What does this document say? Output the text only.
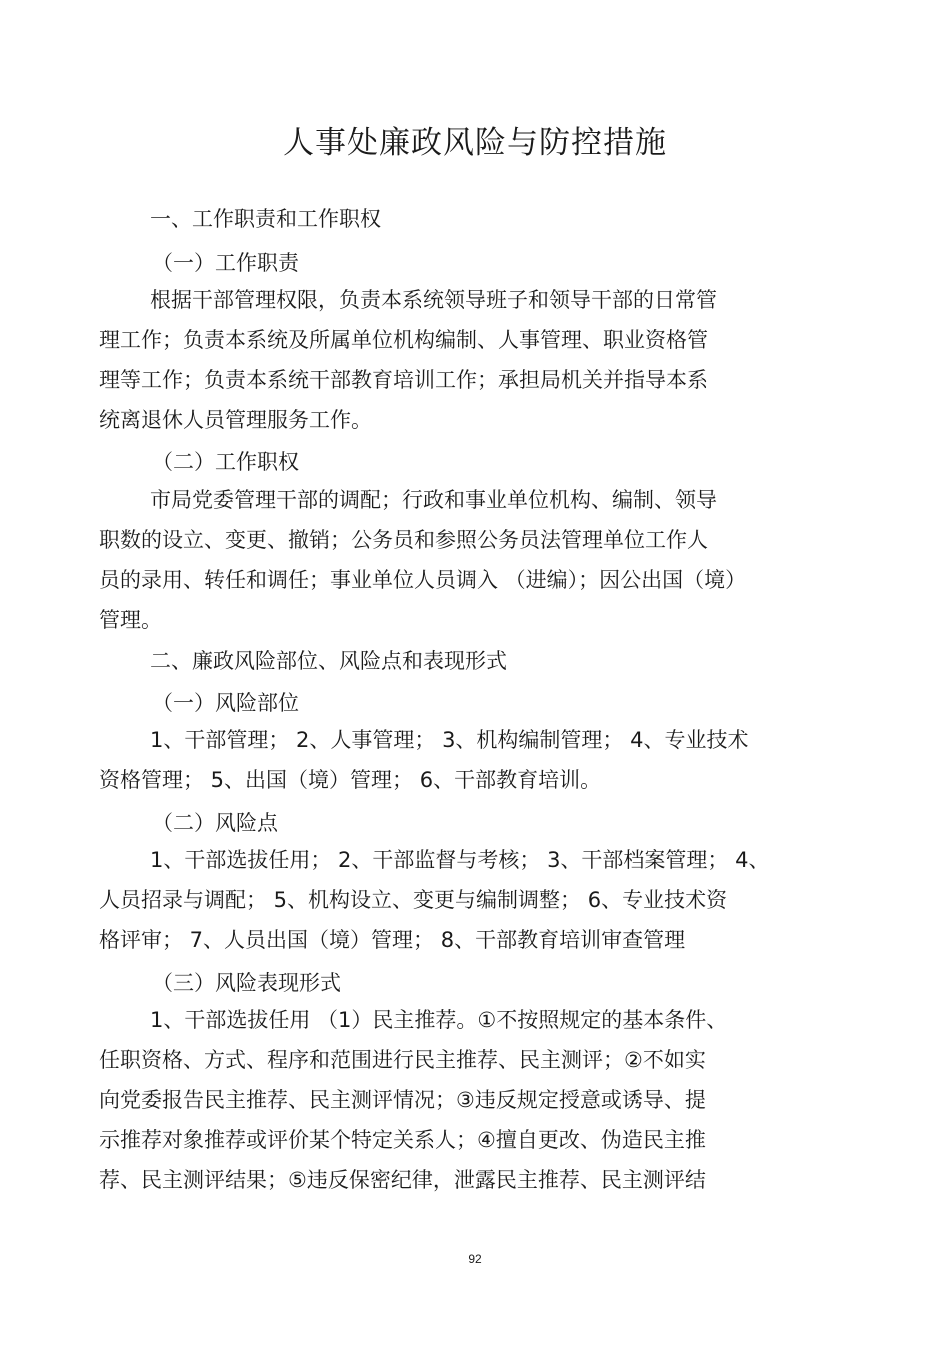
人事处廉政风险与防控措施
一、工作职责和工作职权
（一）工作职责
根据干部管理权限，负责本系统领导班子和领导干部的日常管
理工作；负责本系统及所属单位机构编制、人事管理、职业资格管
理等工作；负责本系统干部教育培训工作；承担局机关并指导本系
统离退休人员管理服务工作。
（二）工作职权
市局党委管理干部的调配；行政和事业单位机构、编制、领导
职数的设立、变更、撤销；公务员和参照公务员法管理单位工作人
员的录用、转任和调任；事业单位人员调入 （进编）；因公出国（境）
管理。
二、廉政风险部位、风险点和表现形式
（一）风险部位
1、干部管理； 2、人事管理； 3、机构编制管理； 4、专业技术
资格管理； 5、出国（境）管理； 6、干部教育培训。
（二）风险点
1、干部选拔任用； 2、干部监督与考核； 3、干部档案管理； 4、
人员招录与调配； 5、机构设立、变更与编制调整； 6、专业技术资
格评审； 7、人员出国（境）管理； 8、干部教育培训审查管理
（三）风险表现形式
1、干部选拔任用 （1）民主推荐。①不按照规定的基本条件、
任职资格、方式、程序和范围进行民主推荐、民主测评；②不如实
向党委报告民主推荐、民主测评情况；③违反规定授意或诱导、提
示推荐对象推荐或评价某个特定关系人；④擅自更改、伪造民主推
荐、民主测评结果；⑤违反保密纪律，泄露民主推荐、民主测评结
92
